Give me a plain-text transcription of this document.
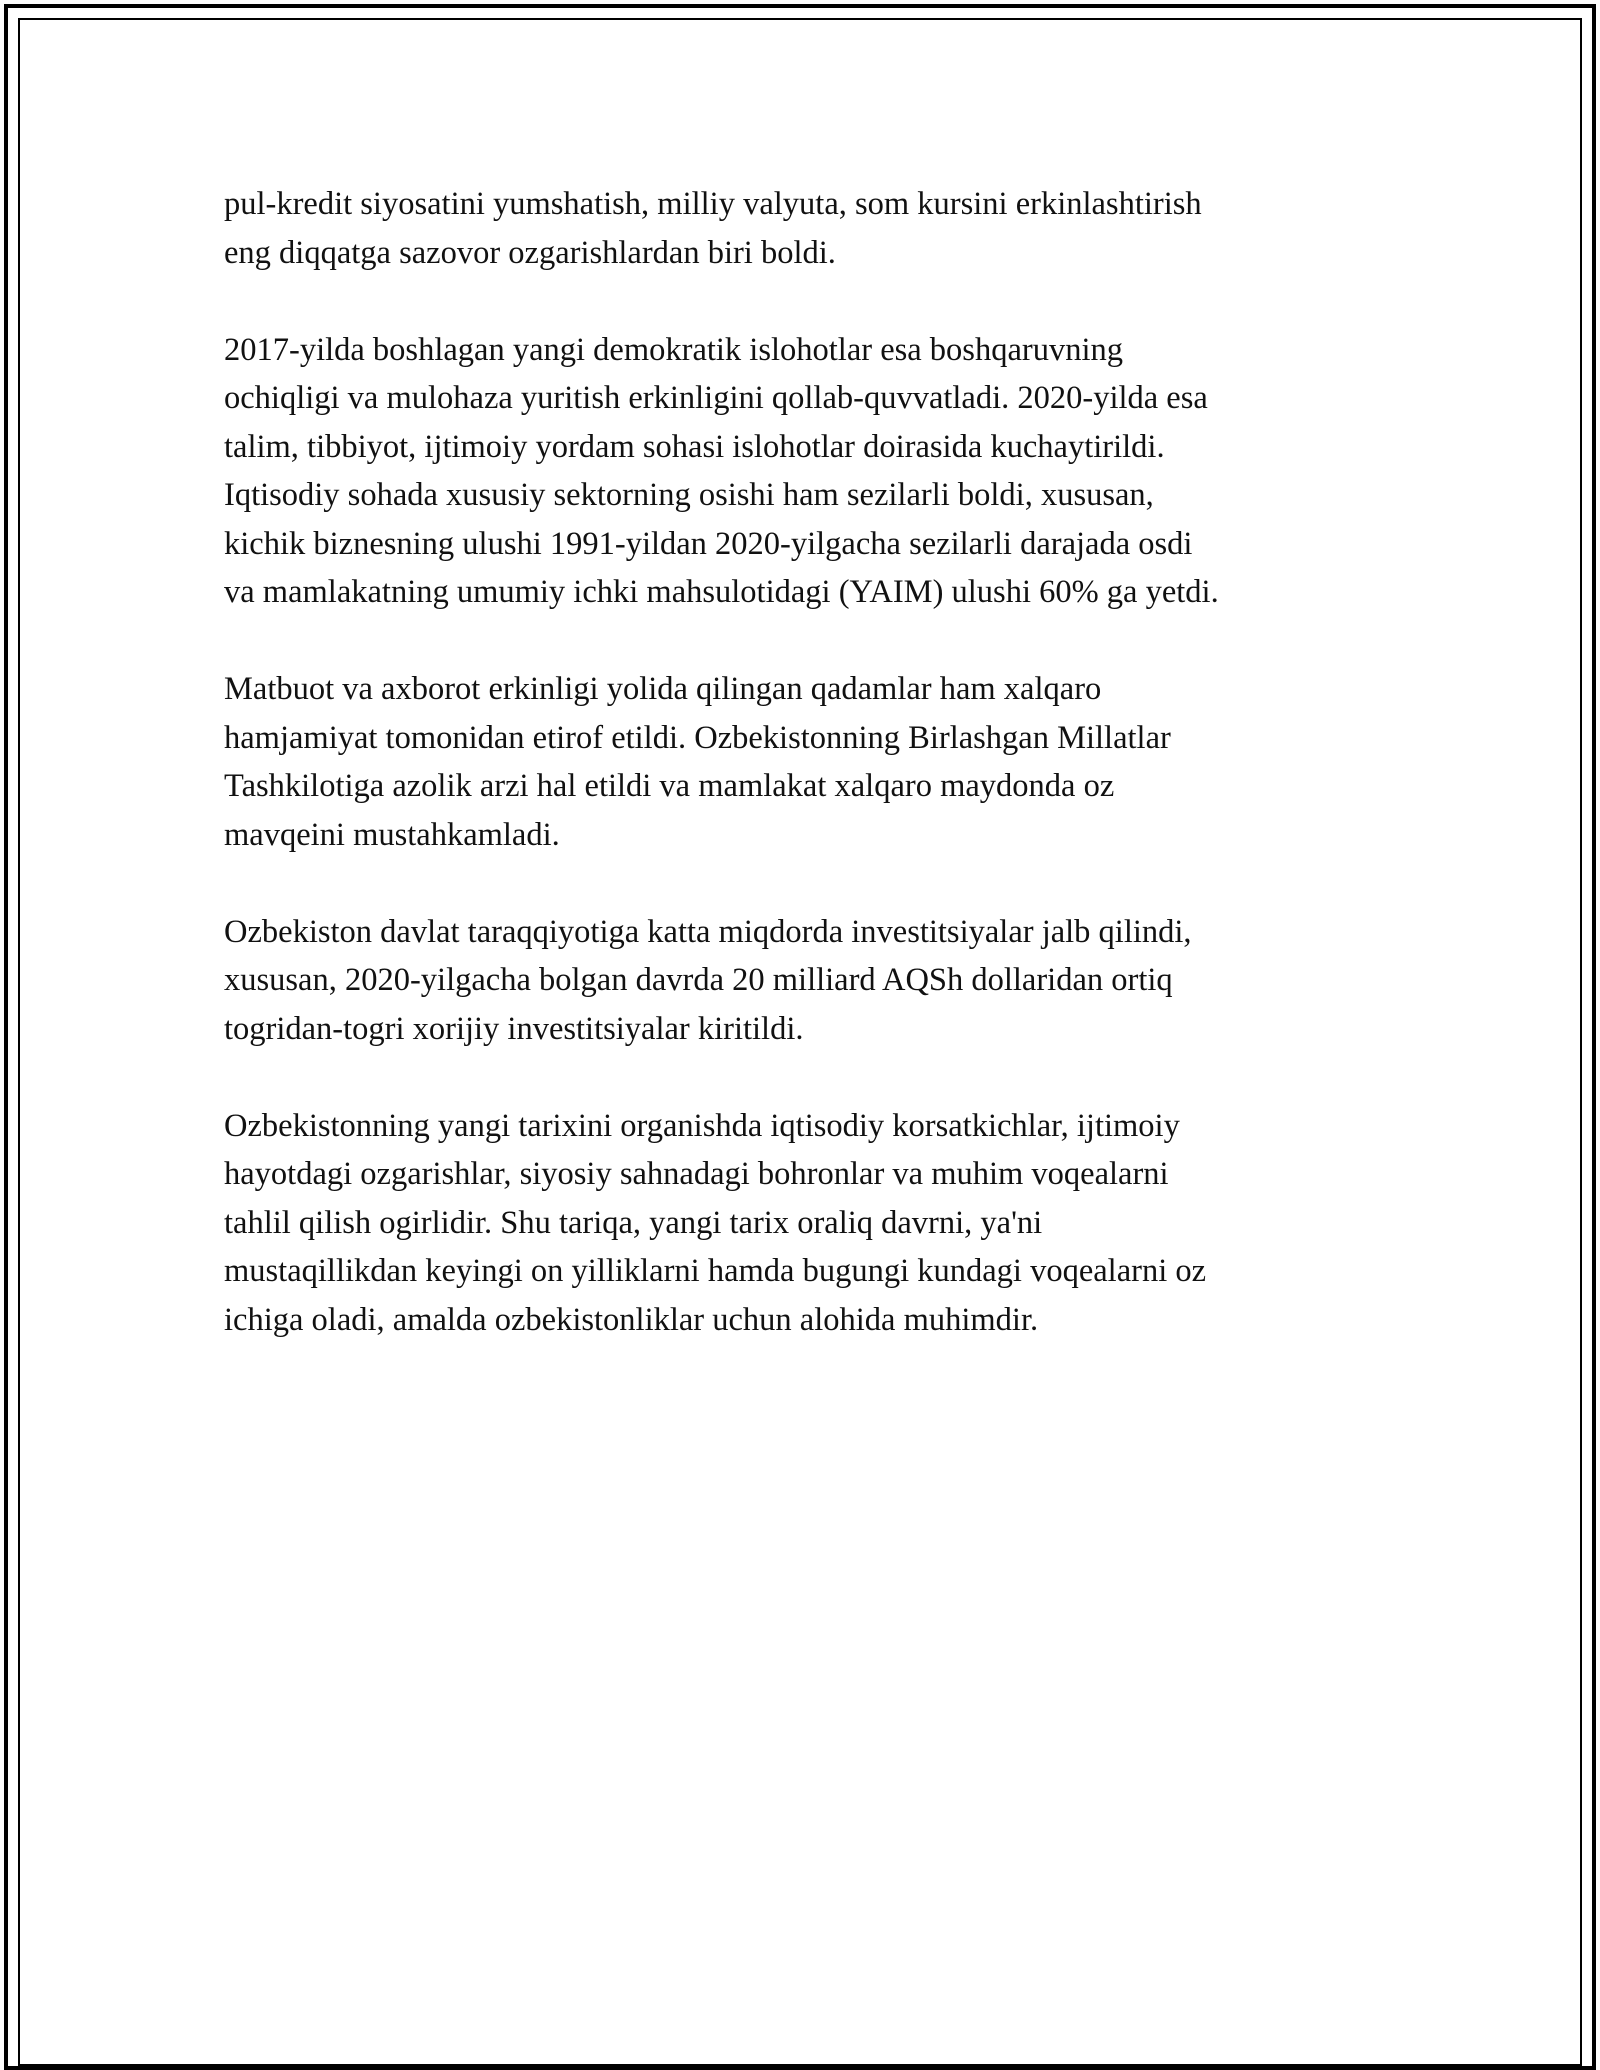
pul-kredit siyosatini yumshatish, milliy valyuta, som kursini erkinlashtirish
eng diqqatga sazovor ozgarishlardan biri boldi.

2017-yilda boshlagan yangi demokratik islohotlar esa boshqaruvning
ochiqligi va mulohaza yuritish erkinligini qollab-quvvatladi. 2020-yilda esa
talim, tibbiyot, ijtimoiy yordam sohasi islohotlar doirasida kuchaytirildi.
Iqtisodiy sohada xususiy sektorning osishi ham sezilarli boldi, xususan,
kichik biznesning ulushi 1991-yildan 2020-yilgacha sezilarli darajada osdi
va mamlakatning umumiy ichki mahsulotidagi (YAIM) ulushi 60% ga yetdi.

Matbuot va axborot erkinligi yolida qilingan qadamlar ham xalqaro
hamjamiyat tomonidan etirof etildi. Ozbekistonning Birlashgan Millatlar
Tashkilotiga azolik arzi hal etildi va mamlakat xalqaro maydonda oz
mavqeini mustahkamladi.

Ozbekiston davlat taraqqiyotiga katta miqdorda investitsiyalar jalb qilindi,
xususan, 2020-yilgacha bolgan davrda 20 milliard AQSh dollaridan ortiq
togridan-togri xorijiy investitsiyalar kiritildi.

Ozbekistonning yangi tarixini organishda iqtisodiy korsatkichlar, ijtimoiy
hayotdagi ozgarishlar, siyosiy sahnadagi bohronlar va muhim voqealarni
tahlil qilish ogirlidir. Shu tariqa, yangi tarix oraliq davrni, ya'ni
mustaqillikdan keyingi on yilliklarni hamda bugungi kundagi voqealarni oz
ichiga oladi, amalda ozbekistonliklar uchun alohida muhimdir.
